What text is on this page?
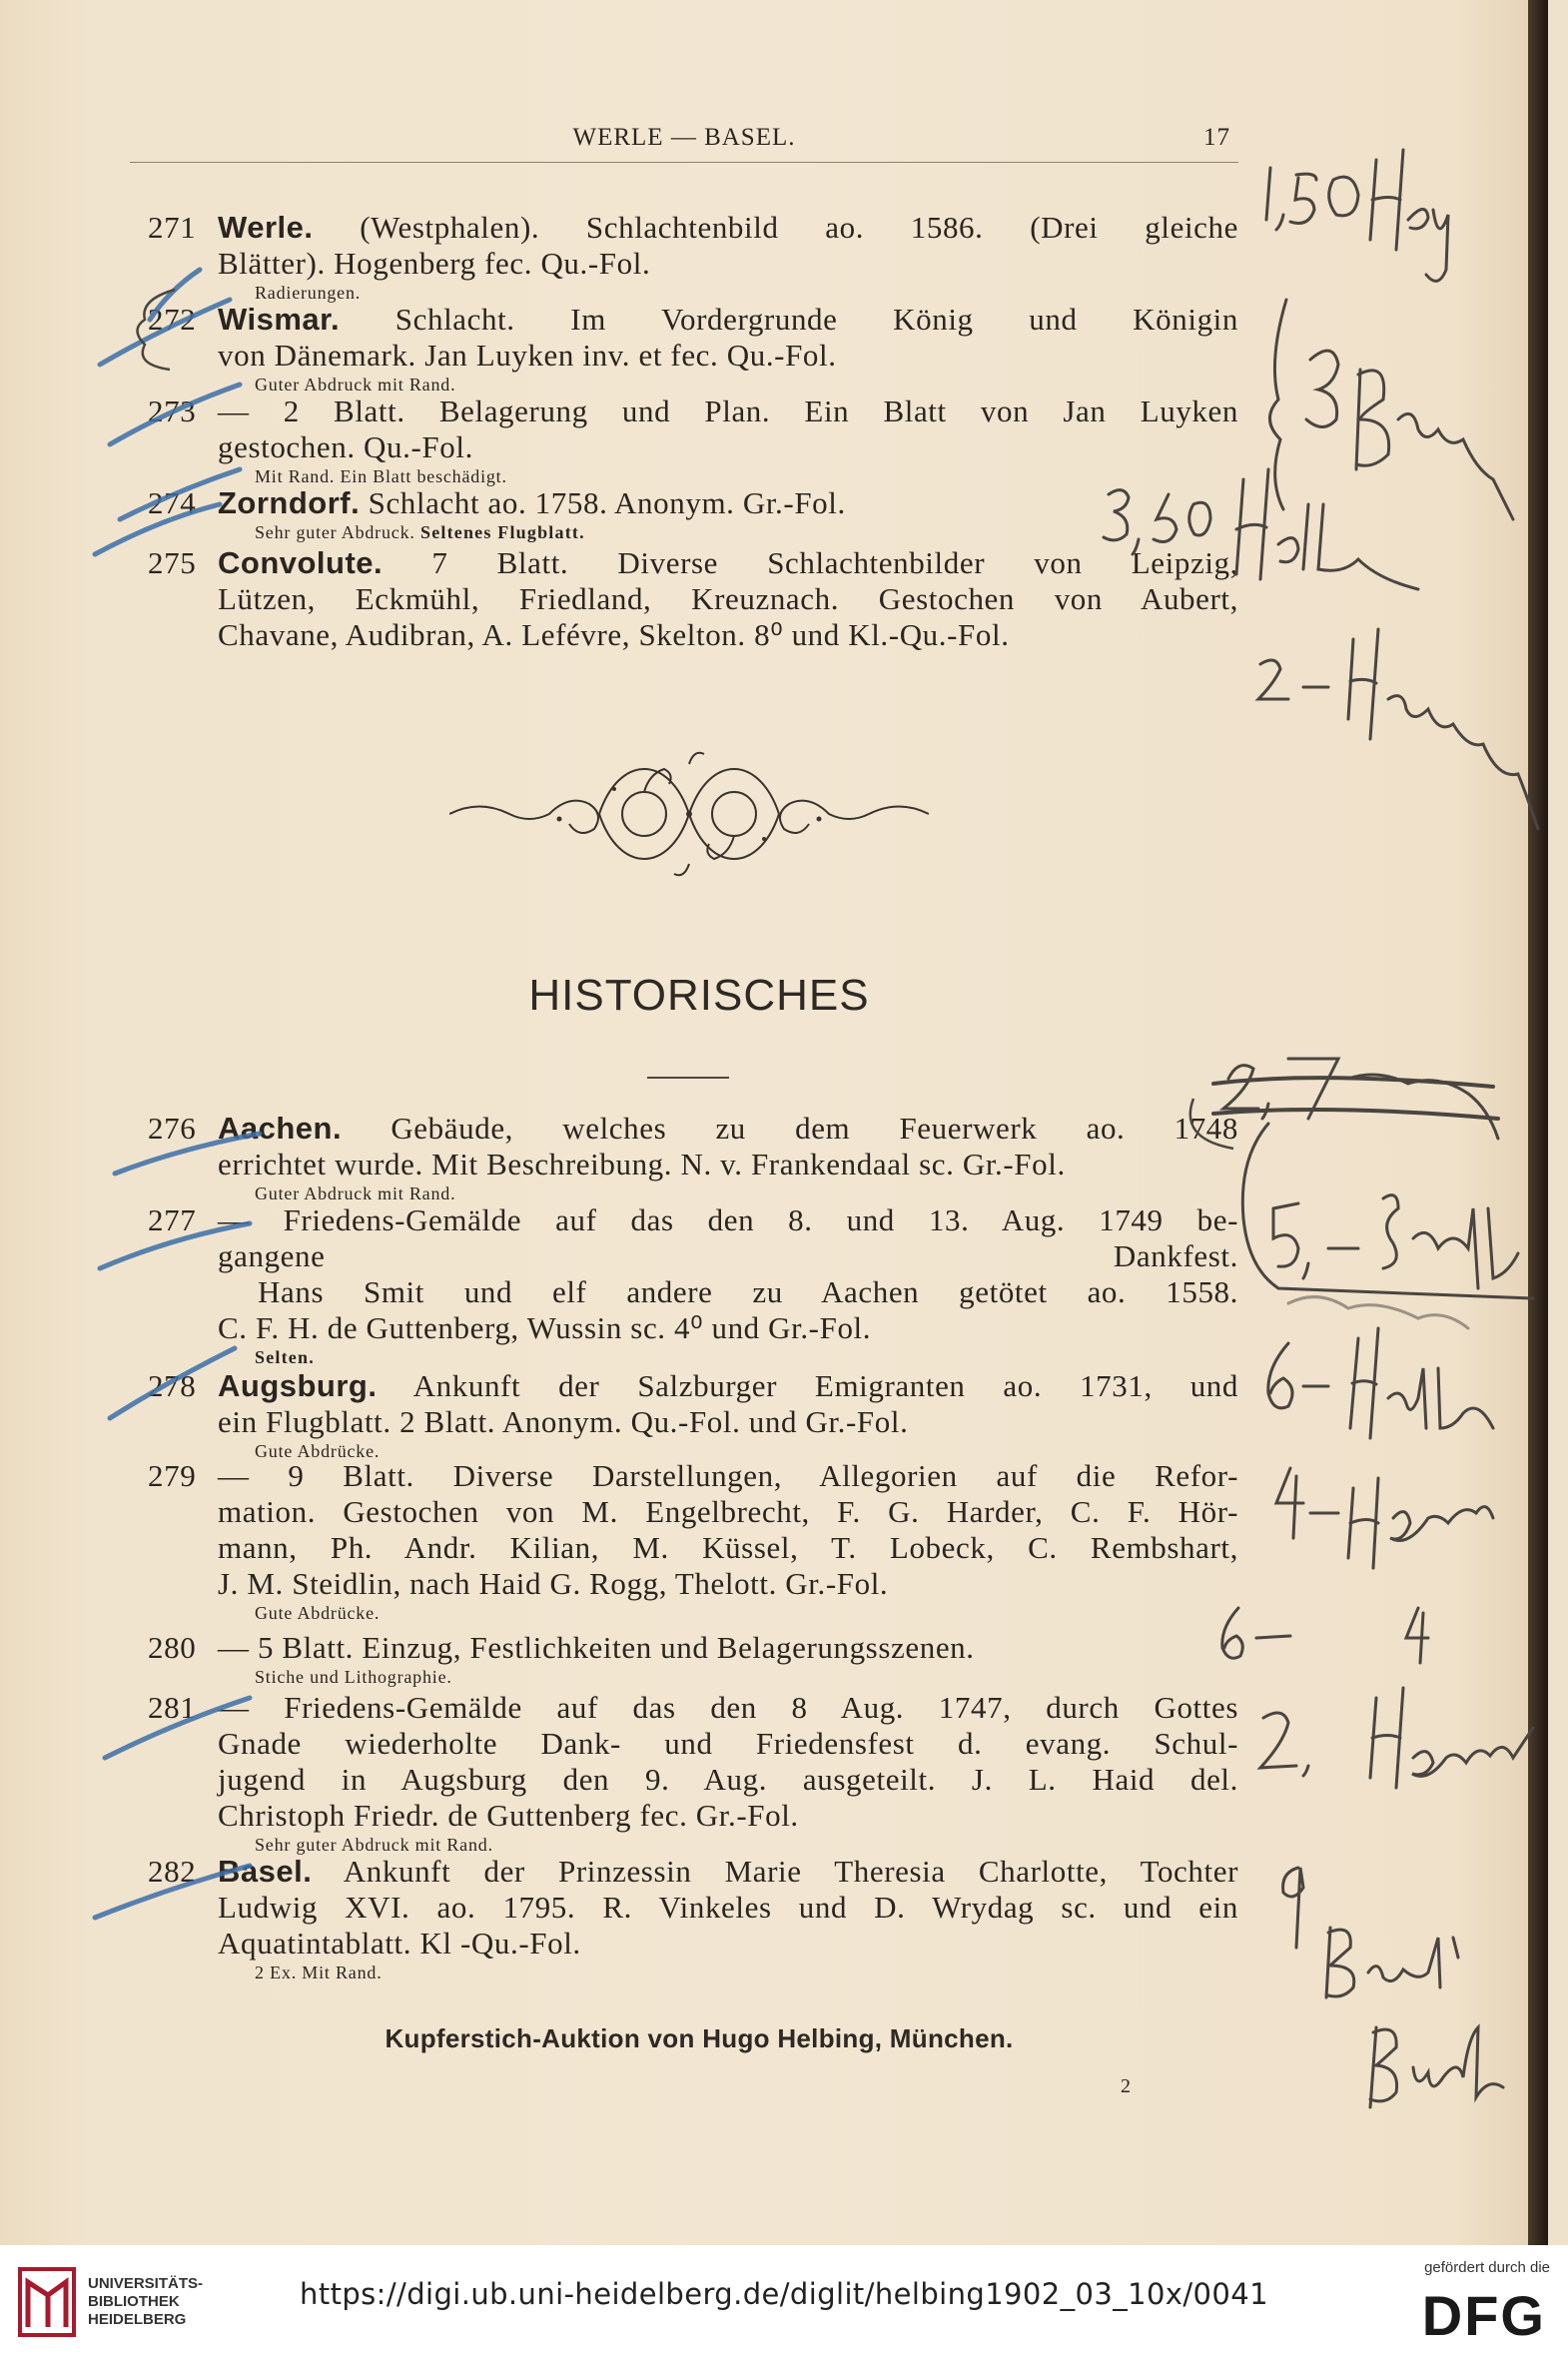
WERLE — BASEL.	17
271 Werle. (Westphalen). Schlachtenbild ao. 1586. (Drei gleiche
Blätter). Hogenberg fec. Qu.-Fol.
Radierungen.
272 Wismar. Schlacht. Im Vordergrunde König und Königin
von Dänemark. Jan Luyken inv. et fec. Qu.-Fol.
Guter Abdruck mit Rand.
273 — 2 Blatt. Belagerung und Plan. Ein Blatt von Jan Luyken
gestochen. Qu.-Fol.
Mit Rand. Ein Blatt beschädigt.
274 Zorndorf. Schlacht ao. 1758. Anonym. Gr.-Fol.
Sehr guter Abdruck. Seltenes Flugblatt.
275 Convolute. 7 Blatt. Diverse Schlachtenbilder von Leipzig,
Lützen, Eckmühl, Friedland, Kreuznach. Gestochen von Aubert,
Chavane, Audibran, A. Lefévre, Skelton. 8⁰ und Kl.-Qu.-Fol.
HISTORISCHES
276 Aachen. Gebäude, welches zu dem Feuerwerk ao. 1748
errichtet wurde. Mit Beschreibung. N. v. Frankendaal sc. Gr.-Fol.
Guter Abdruck mit Rand.
277 — Friedens-Gemälde auf das den 8. und 13. Aug. 1749 be-
gangene Dankfest.
Hans Smit und elf andere zu Aachen getötet ao. 1558.
C. F. H. de Guttenberg, Wussin sc. 4⁰ und Gr.-Fol.
Selten.
278 Augsburg. Ankunft der Salzburger Emigranten ao. 1731, und
ein Flugblatt. 2 Blatt. Anonym. Qu.-Fol. und Gr.-Fol.
Gute Abdrücke.
279 — 9 Blatt. Diverse Darstellungen, Allegorien auf die Refor-
mation. Gestochen von M. Engelbrecht, F. G. Harder, C. F. Hör-
mann, Ph. Andr. Kilian, M. Küssel, T. Lobeck, C. Rembshart,
J. M. Steidlin, nach Haid G. Rogg, Thelott. Gr.-Fol.
Gute Abdrücke.
280 — 5 Blatt. Einzug, Festlichkeiten und Belagerungsszenen.
Stiche und Lithographie.
281 — Friedens-Gemälde auf das den 8 Aug. 1747, durch Gottes
Gnade wiederholte Dank- und Friedensfest d. evang. Schul-
jugend in Augsburg den 9. Aug. ausgeteilt. J. L. Haid del.
Christoph Friedr. de Guttenberg fec. Gr.-Fol.
Sehr guter Abdruck mit Rand.
282 Basel. Ankunft der Prinzessin Marie Theresia Charlotte, Tochter
Ludwig XVI. ao. 1795. R. Vinkeles und D. Wrydag sc. und ein
Aquatintablatt. Kl -Qu.-Fol.
2 Ex. Mit Rand.
Kupferstich-Auktion von Hugo Helbing, München.
2
UNIVERSITÄTS-
BIBLIOTHEK
HEIDELBERG
https://digi.ub.uni-heidelberg.de/diglit/helbing1902_03_10x/0041
gefördert durch die
DFG
